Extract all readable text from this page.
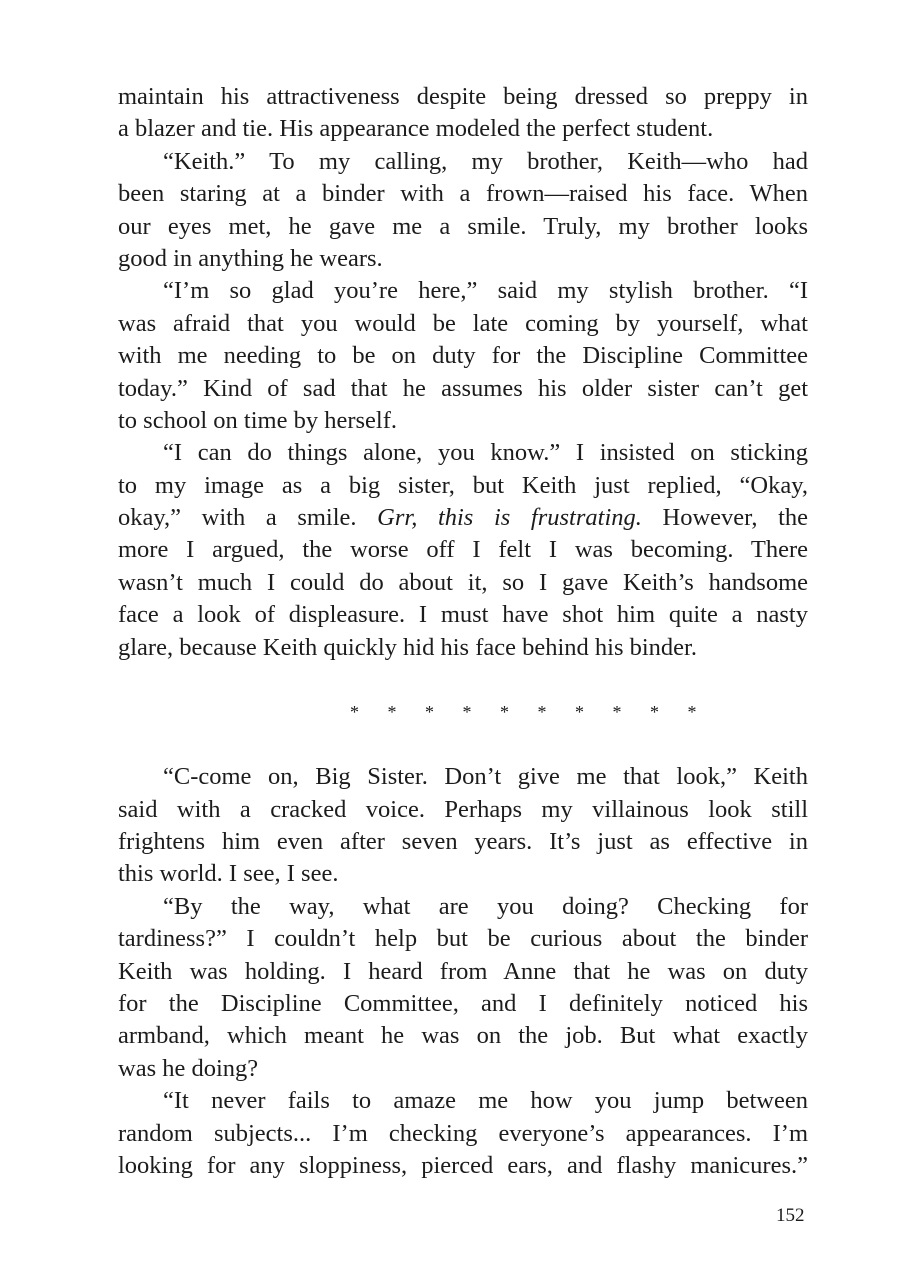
maintain his attractiveness despite being dressed so preppy in
a blazer and tie. His appearance modeled the perfect student.
“Keith.” To my calling, my brother, Keith—who had
been staring at a binder with a frown—raised his face. When
our eyes met, he gave me a smile. Truly, my brother looks
good in anything he wears.
“I’m so glad you’re here,” said my stylish brother. “I
was afraid that you would be late coming by yourself, what
with me needing to be on duty for the Discipline Committee
today.” Kind of sad that he assumes his older sister can’t get
to school on time by herself.
“I can do things alone, you know.” I insisted on sticking
to my image as a big sister, but Keith just replied, “Okay,
okay,” with a smile. Grr, this is frustrating. However, the
more I argued, the worse off I felt I was becoming. There
wasn’t much I could do about it, so I gave Keith’s handsome
face a look of displeasure. I must have shot him quite a nasty
glare, because Keith quickly hid his face behind his binder.
* * * * * * * * * *
“C-come on, Big Sister. Don’t give me that look,” Keith
said with a cracked voice. Perhaps my villainous look still
frightens him even after seven years. It’s just as effective in
this world. I see, I see.
“By the way, what are you doing? Checking for
tardiness?” I couldn’t help but be curious about the binder
Keith was holding. I heard from Anne that he was on duty
for the Discipline Committee, and I definitely noticed his
armband, which meant he was on the job. But what exactly
was he doing?
“It never fails to amaze me how you jump between
random subjects... I’m checking everyone’s appearances. I’m
looking for any sloppiness, pierced ears, and flashy manicures.”
152
